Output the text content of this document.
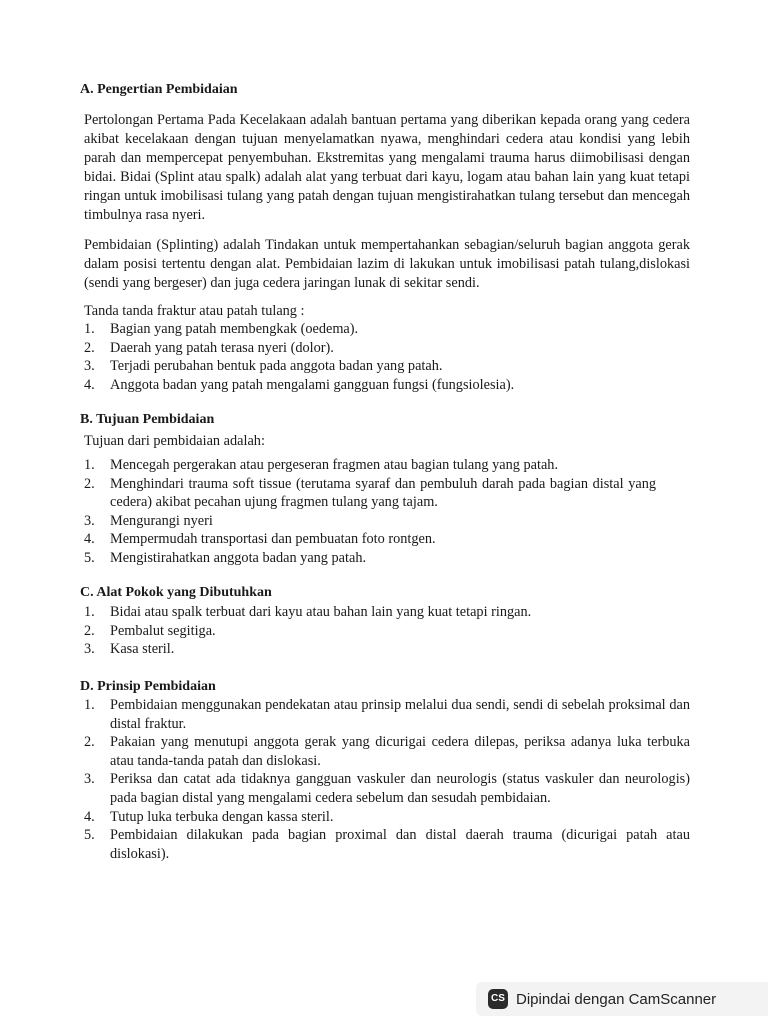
A. Pengertian Pembidaian
Pertolongan Pertama Pada Kecelakaan adalah bantuan pertama yang diberikan kepada orang yang cedera akibat kecelakaan dengan tujuan menyelamatkan nyawa, menghindari cedera atau kondisi yang lebih parah dan mempercepat penyembuhan. Ekstremitas yang mengalami trauma harus diimobilisasi dengan bidai. Bidai (Splint atau spalk) adalah alat yang terbuat dari kayu, logam atau bahan lain yang kuat tetapi ringan untuk imobilisasi tulang yang patah dengan tujuan mengistirahatkan tulang tersebut dan mencegah timbulnya rasa nyeri.
Pembidaian (Splinting) adalah Tindakan untuk mempertahankan sebagian/seluruh bagian anggota gerak dalam posisi tertentu dengan alat. Pembidaian lazim di lakukan untuk imobilisasi patah tulang,dislokasi (sendi yang bergeser) dan juga cedera jaringan lunak di sekitar sendi.
Tanda tanda fraktur atau patah tulang :
1.	Bagian yang patah membengkak (oedema).
2.	Daerah yang patah terasa nyeri (dolor).
3.	Terjadi perubahan bentuk pada anggota badan yang patah.
4.	Anggota badan yang patah mengalami gangguan fungsi (fungsiolesia).
B. Tujuan Pembidaian
Tujuan dari pembidaian adalah:
1.	Mencegah pergerakan atau pergeseran fragmen atau bagian tulang yang patah.
2.	Menghindari trauma soft tissue (terutama syaraf dan pembuluh darah pada bagian distal yang cedera) akibat pecahan ujung fragmen tulang yang tajam.
3.	Mengurangi nyeri
4.	Mempermudah transportasi dan pembuatan foto rontgen.
5.	Mengistirahatkan anggota badan yang patah.
C. Alat Pokok yang Dibutuhkan
1.	Bidai atau spalk terbuat dari kayu atau bahan lain yang kuat tetapi ringan.
2.	Pembalut segitiga.
3.	Kasa steril.
D. Prinsip Pembidaian
1.	Pembidaian menggunakan pendekatan atau prinsip melalui dua sendi, sendi di sebelah proksimal dan distal fraktur.
2.	Pakaian yang menutupi anggota gerak yang dicurigai cedera dilepas, periksa adanya luka terbuka atau tanda-tanda patah dan dislokasi.
3.	Periksa dan catat ada tidaknya gangguan vaskuler dan neurologis (status vaskuler dan neurologis) pada bagian distal yang mengalami cedera sebelum dan sesudah pembidaian.
4.	Tutup luka terbuka dengan kassa steril.
5.	Pembidaian dilakukan pada bagian proximal dan distal daerah trauma (dicurigai patah atau dislokasi).
CS Dipindai dengan CamScanner
